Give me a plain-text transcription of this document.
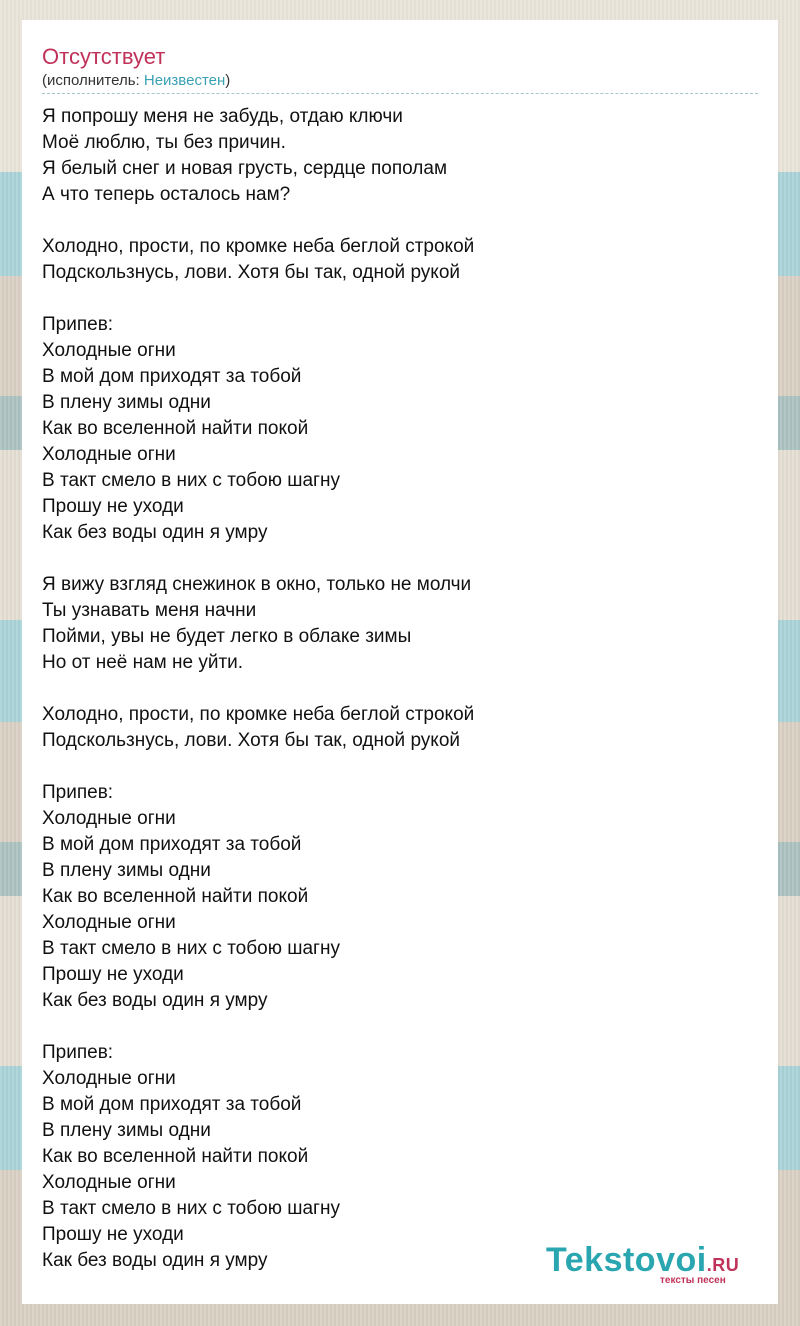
Отсутствует
(исполнитель: Неизвестен)
Я попрошу меня не забудь, отдаю ключи
Моё люблю, ты без причин.
Я белый снег и новая грусть, сердце пополам
А что теперь осталось нам?
Холодно, прости, по кромке неба беглой строкой
Подскользнусь, лови. Хотя бы так, одной рукой
Припев:
Холодные огни
В мой дом приходят за тобой
В плену зимы одни
Как во вселенной найти покой
Холодные огни
В такт смело в них с тобою шагну
Прошу не уходи
Как без воды один я умру
Я вижу взгляд снежинок в окно, только не молчи
Ты узнавать меня начни
Пойми, увы не будет легко в облаке зимы
Но от неё нам не уйти.
Холодно, прости, по кромке неба беглой строкой
Подскользнусь, лови. Хотя бы так, одной рукой
Припев:
Холодные огни
В мой дом приходят за тобой
В плену зимы одни
Как во вселенной найти покой
Холодные огни
В такт смело в них с тобою шагну
Прошу не уходи
Как без воды один я умру
Припев:
Холодные огни
В мой дом приходят за тобой
В плену зимы одни
Как во вселенной найти покой
Холодные огни
В такт смело в них с тобою шагну
Прошу не уходи
Как без воды один я умру	Tekstovoi.RU
тексты песен
